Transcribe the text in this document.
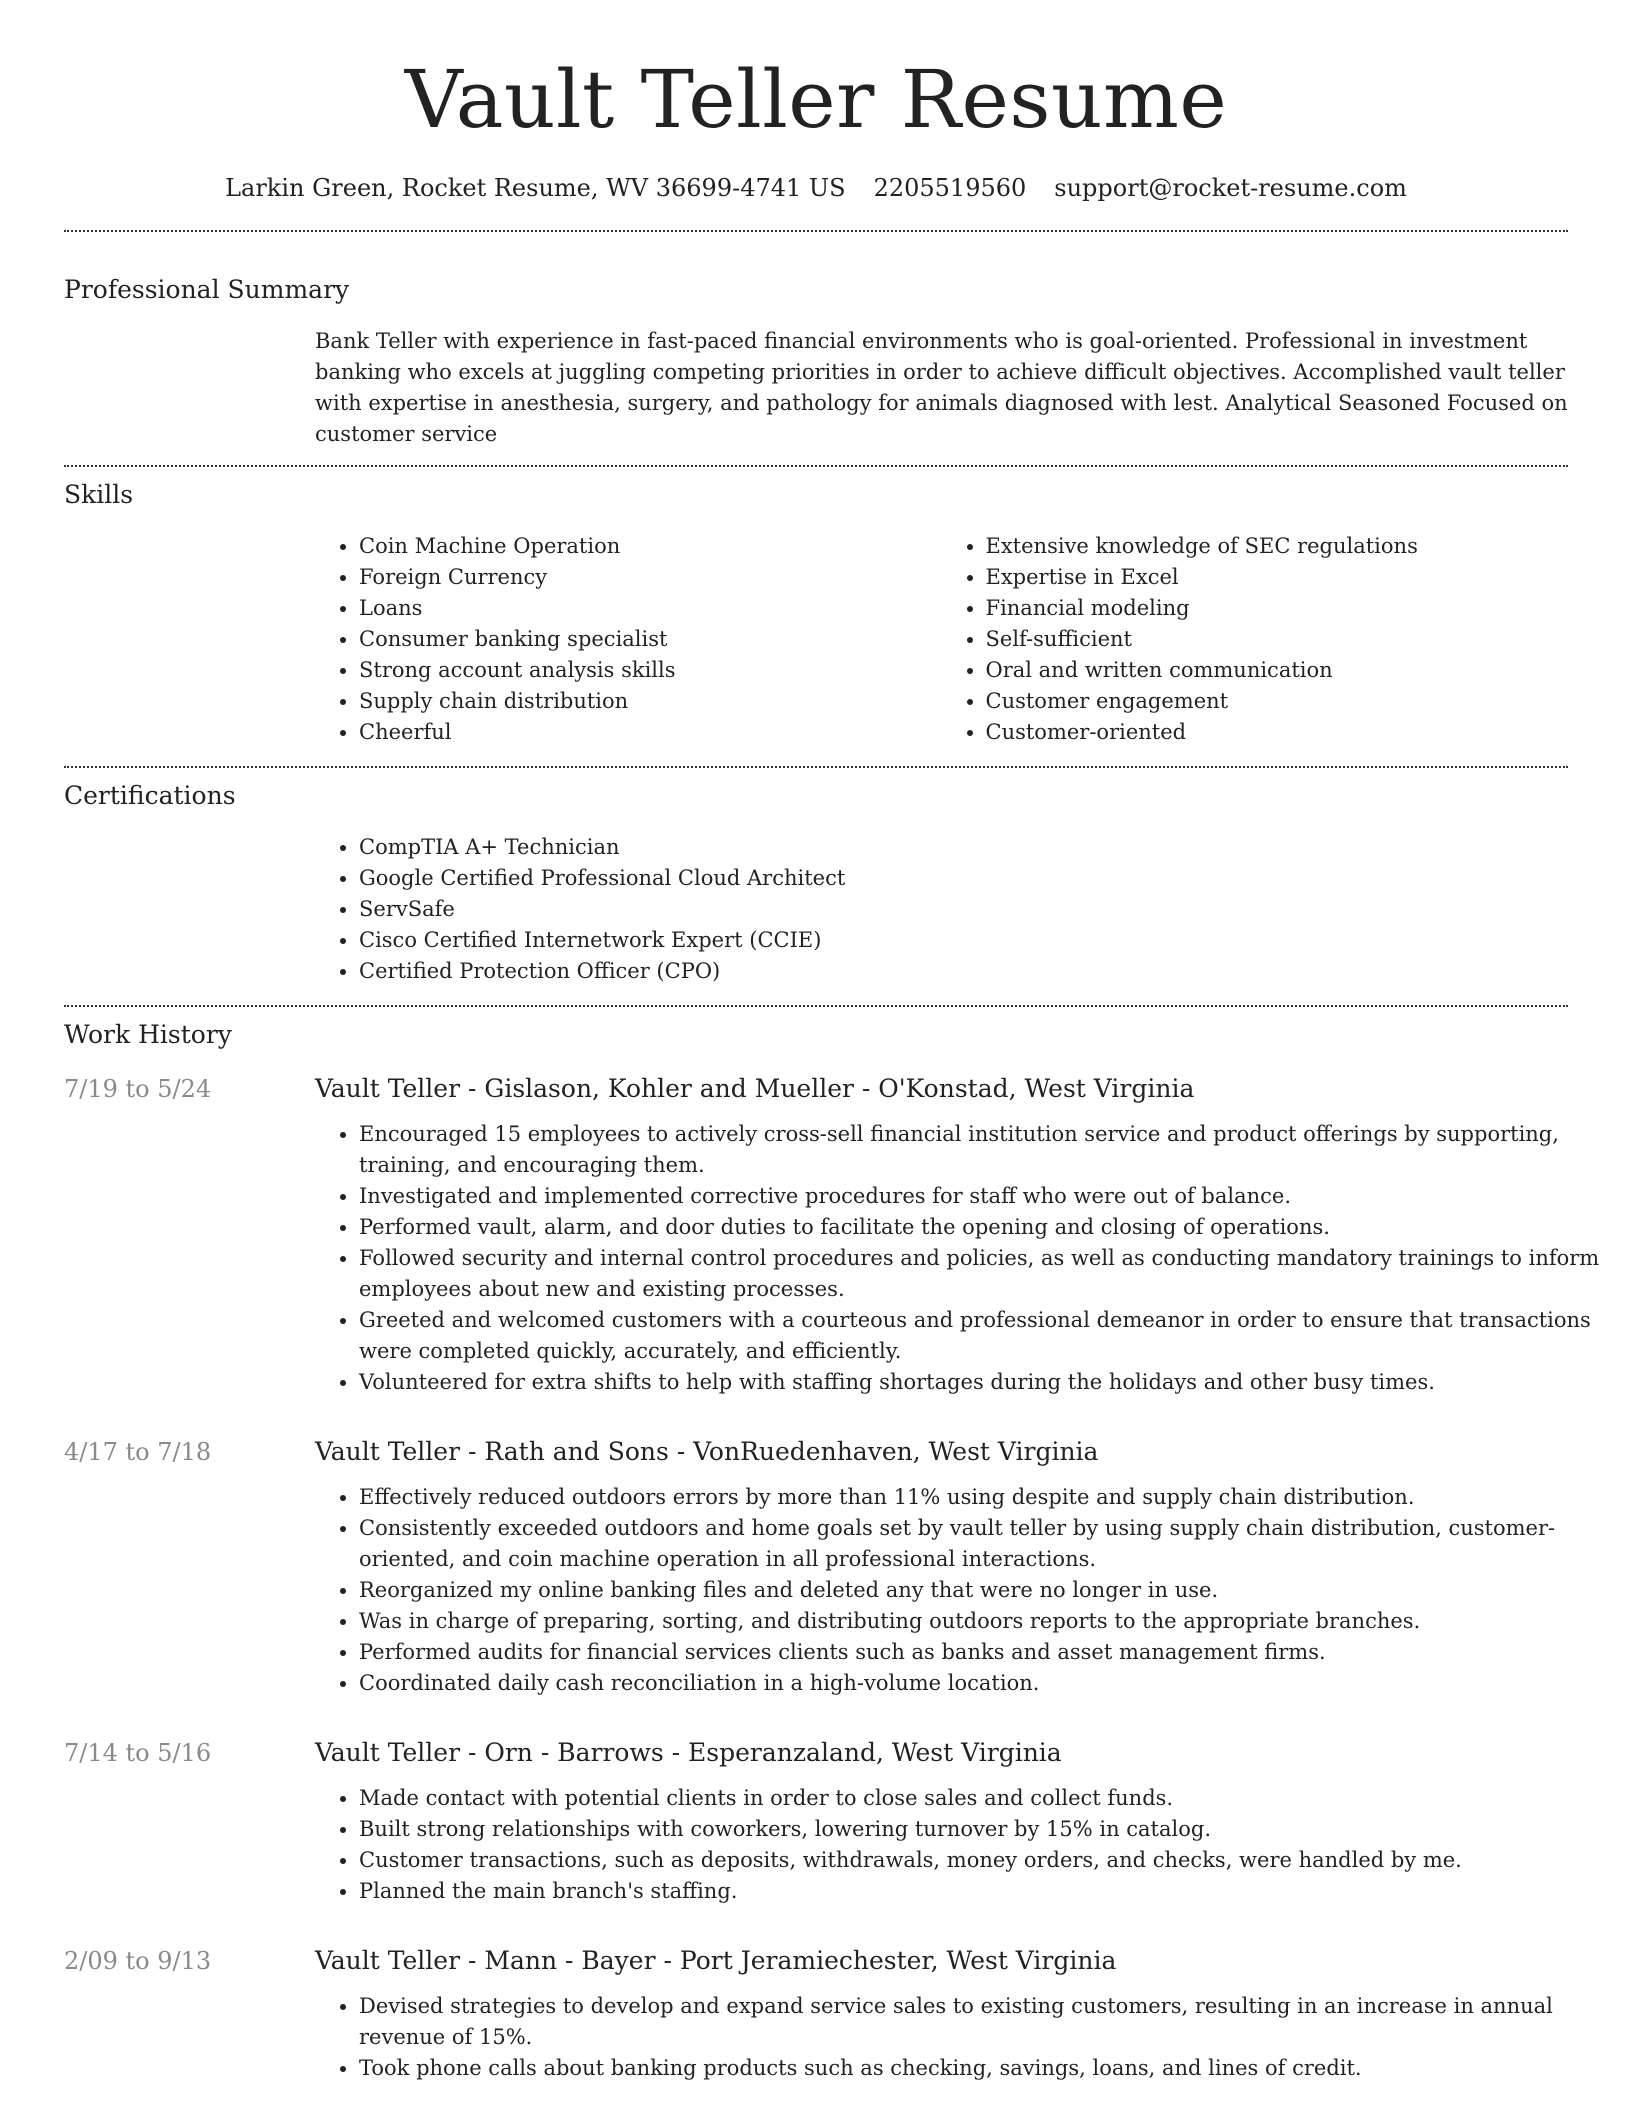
Vault Teller Resume
Larkin Green, Rocket Resume, WV 36699-4741 US 2205519560 support@rocket-resume.com
Professional Summary
Bank Teller with experience in fast-paced financial environments who is goal-oriented. Professional in investment banking who excels at juggling competing priorities in order to achieve difficult objectives. Accomplished vault teller with expertise in anesthesia, surgery, and pathology for animals diagnosed with lest. Analytical Seasoned Focused on customer service
Skills
• Coin Machine Operation
• Foreign Currency
• Loans
• Consumer banking specialist
• Strong account analysis skills
• Supply chain distribution
• Cheerful
• Extensive knowledge of SEC regulations
• Expertise in Excel
• Financial modeling
• Self-sufficient
• Oral and written communication
• Customer engagement
• Customer-oriented
Certifications
• CompTIA A+ Technician
• Google Certified Professional Cloud Architect
• ServSafe
• Cisco Certified Internetwork Expert (CCIE)
• Certified Protection Officer (CPO)
Work History
7/19 to 5/24	Vault Teller - Gislason, Kohler and Mueller - O'Konstad, West Virginia
• Encouraged 15 employees to actively cross-sell financial institution service and product offerings by supporting, training, and encouraging them.
• Investigated and implemented corrective procedures for staff who were out of balance.
• Performed vault, alarm, and door duties to facilitate the opening and closing of operations.
• Followed security and internal control procedures and policies, as well as conducting mandatory trainings to inform employees about new and existing processes.
• Greeted and welcomed customers with a courteous and professional demeanor in order to ensure that transactions were completed quickly, accurately, and efficiently.
• Volunteered for extra shifts to help with staffing shortages during the holidays and other busy times.
4/17 to 7/18	Vault Teller - Rath and Sons - VonRuedenhaven, West Virginia
• Effectively reduced outdoors errors by more than 11% using despite and supply chain distribution.
• Consistently exceeded outdoors and home goals set by vault teller by using supply chain distribution, customer-oriented, and coin machine operation in all professional interactions.
• Reorganized my online banking files and deleted any that were no longer in use.
• Was in charge of preparing, sorting, and distributing outdoors reports to the appropriate branches.
• Performed audits for financial services clients such as banks and asset management firms.
• Coordinated daily cash reconciliation in a high-volume location.
7/14 to 5/16	Vault Teller - Orn - Barrows - Esperanzaland, West Virginia
• Made contact with potential clients in order to close sales and collect funds.
• Built strong relationships with coworkers, lowering turnover by 15% in catalog.
• Customer transactions, such as deposits, withdrawals, money orders, and checks, were handled by me.
• Planned the main branch's staffing.
2/09 to 9/13	Vault Teller - Mann - Bayer - Port Jeramiechester, West Virginia
• Devised strategies to develop and expand service sales to existing customers, resulting in an increase in annual revenue of 15%.
• Took phone calls about banking products such as checking, savings, loans, and lines of credit.
